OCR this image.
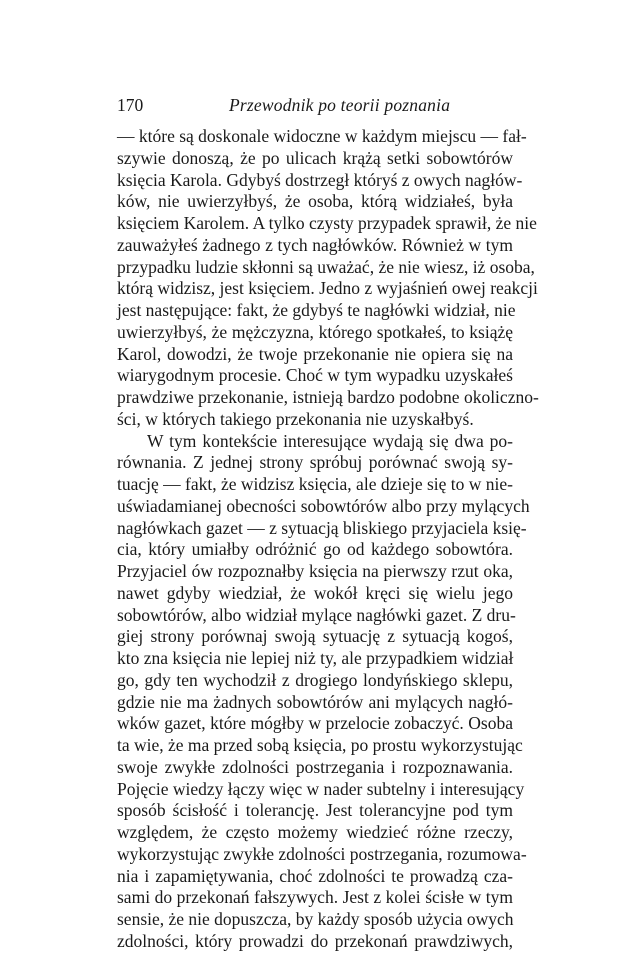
170	Przewodnik po teorii poznania
— które są doskonale widoczne w każdym miejscu — fał-
szywie donoszą, że po ulicach krążą setki sobowtórów
księcia Karola. Gdybyś dostrzegł któryś z owych nagłów-
ków, nie uwierzyłbyś, że osoba, którą widziałeś, była
księciem Karolem. A tylko czysty przypadek sprawił, że nie
zauważyłeś żadnego z tych nagłówków. Również w tym
przypadku ludzie skłonni są uważać, że nie wiesz, iż osoba,
którą widzisz, jest księciem. Jedno z wyjaśnień owej reakcji
jest następujące: fakt, że gdybyś te nagłówki widział, nie
uwierzyłbyś, że mężczyzna, którego spotkałeś, to książę
Karol, dowodzi, że twoje przekonanie nie opiera się na
wiarygodnym procesie. Choć w tym wypadku uzyskałeś
prawdziwe przekonanie, istnieją bardzo podobne okoliczno-
ści, w których takiego przekonania nie uzyskałbyś.
W tym kontekście interesujące wydają się dwa po-
równania. Z jednej strony spróbuj porównać swoją sy-
tuację — fakt, że widzisz księcia, ale dzieje się to w nie-
uświadamianej obecności sobowtórów albo przy mylących
nagłówkach gazet — z sytuacją bliskiego przyjaciela księ-
cia, który umiałby odróżnić go od każdego sobowtóra.
Przyjaciel ów rozpoznałby księcia na pierwszy rzut oka,
nawet gdyby wiedział, że wokół kręci się wielu jego
sobowtórów, albo widział mylące nagłówki gazet. Z dru-
giej strony porównaj swoją sytuację z sytuacją kogoś,
kto zna księcia nie lepiej niż ty, ale przypadkiem widział
go, gdy ten wychodził z drogiego londyńskiego sklepu,
gdzie nie ma żadnych sobowtórów ani mylących nagłó-
wków gazet, które mógłby w przelocie zobaczyć. Osoba
ta wie, że ma przed sobą księcia, po prostu wykorzystując
swoje zwykłe zdolności postrzegania i rozpoznawania.
Pojęcie wiedzy łączy więc w nader subtelny i interesujący
sposób ścisłość i tolerancję. Jest tolerancyjne pod tym
względem, że często możemy wiedzieć różne rzeczy,
wykorzystując zwykłe zdolności postrzegania, rozumowa-
nia i zapamiętywania, choć zdolności te prowadzą cza-
sami do przekonań fałszywych. Jest z kolei ścisłe w tym
sensie, że nie dopuszcza, by każdy sposób użycia owych
zdolności, który prowadzi do przekonań prawdziwych,
